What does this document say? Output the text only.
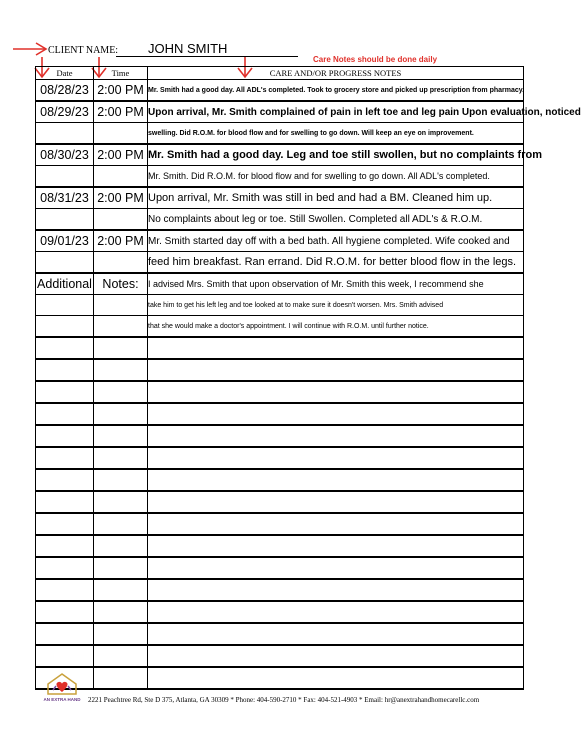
CLIENT NAME: JOHN SMITH
Care Notes should be done daily
Date	Time	CARE AND/OR PROGRESS NOTES
08/28/23	2:00 PM	Mr. Smith had a good day. All ADL's completed. Took to grocery store and picked up prescription from pharmacy.
08/29/23	2:00 PM	Upon arrival, Mr. Smith complained of pain in left toe and leg pain Upon evaluation, noticed
		swelling. Did R.O.M. for blood flow and for swelling to go down. Will keep an eye on improvement.
08/30/23	2:00 PM	Mr. Smith had a good day. Leg and toe still swollen, but no complaints from
		Mr. Smith. Did R.O.M. for blood flow and for swelling to go down. All ADL's completed.
08/31/23	2:00 PM	Upon arrival, Mr. Smith was still in bed and had a BM. Cleaned him up.
		No complaints about leg or toe. Still Swollen. Completed all ADL's & R.O.M.
09/01/23	2:00 PM	Mr. Smith started day off with a bed bath. All hygiene completed. Wife cooked and
		feed him breakfast. Ran errand. Did R.O.M. for better blood flow in the legs.
Additional	Notes:	I advised Mrs. Smith that upon observation of Mr. Smith this week, I recommend she
		take him to get his left leg and toe looked at to make sure it doesn't worsen. Mrs. Smith advised
		that she would make a doctor's appointment. I will continue with R.O.M. until further notice.

AN EXTRA HAND 2221 Peachtree Rd, Ste D 375, Atlanta, GA 30309 * Phone: 404-590-2710 * Fax: 404-521-4903 * Email: hr@anextrahandhomecarellc.com
